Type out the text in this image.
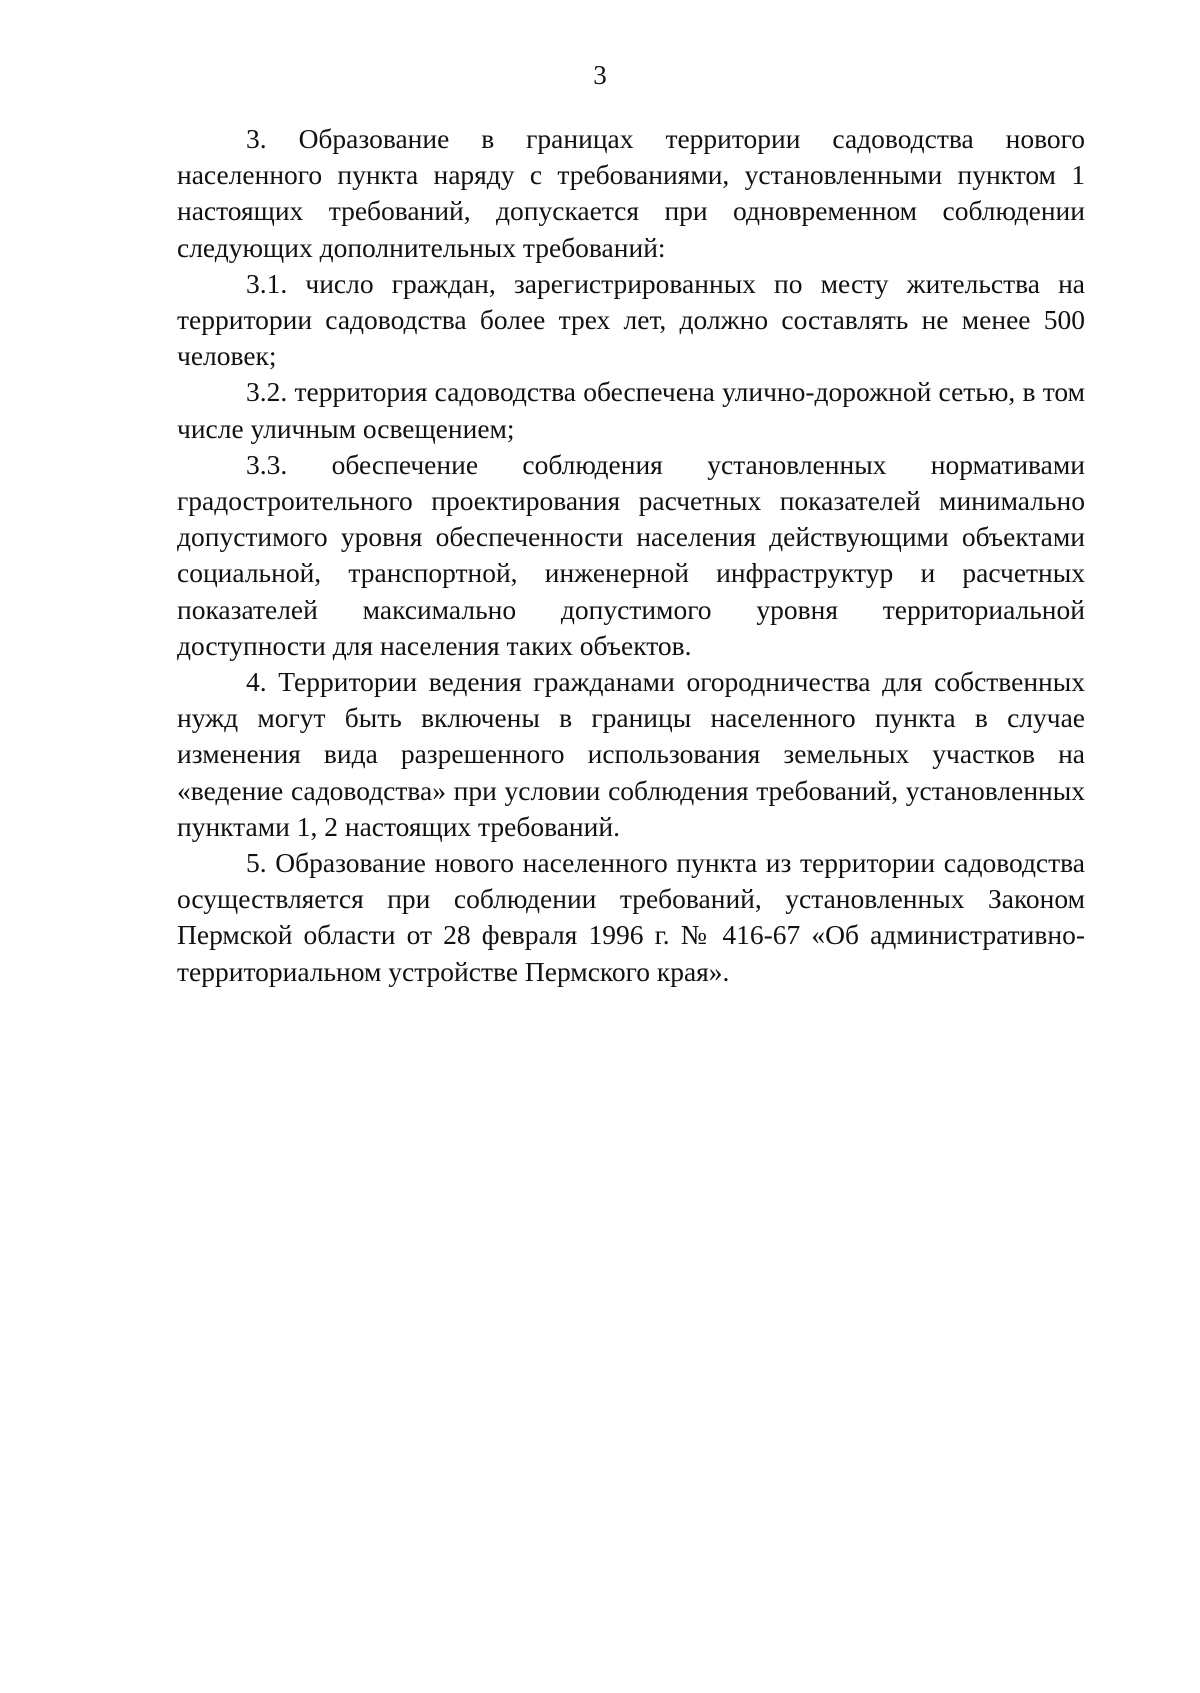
3

3. Образование в границах территории садоводства нового населенного пункта наряду с требованиями, установленными пунктом 1 настоящих требований, допускается при одновременном соблюдении следующих дополнительных требований:

3.1. число граждан, зарегистрированных по месту жительства на территории садоводства более трех лет, должно составлять не менее 500 человек;

3.2. территория садоводства обеспечена улично-дорожной сетью, в том числе уличным освещением;

3.3. обеспечение соблюдения установленных нормативами градостроительного проектирования расчетных показателей минимально допустимого уровня обеспеченности населения действующими объектами социальной, транспортной, инженерной инфраструктур и расчетных показателей максимально допустимого уровня территориальной доступности для населения таких объектов.

4. Территории ведения гражданами огородничества для собственных нужд могут быть включены в границы населенного пункта в случае изменения вида разрешенного использования земельных участков на «ведение садоводства» при условии соблюдения требований, установленных пунктами 1, 2 настоящих требований.

5. Образование нового населенного пункта из территории садоводства осуществляется при соблюдении требований, установленных Законом Пермской области от 28 февраля 1996 г. № 416-67 «Об административно-территориальном устройстве Пермского края».
